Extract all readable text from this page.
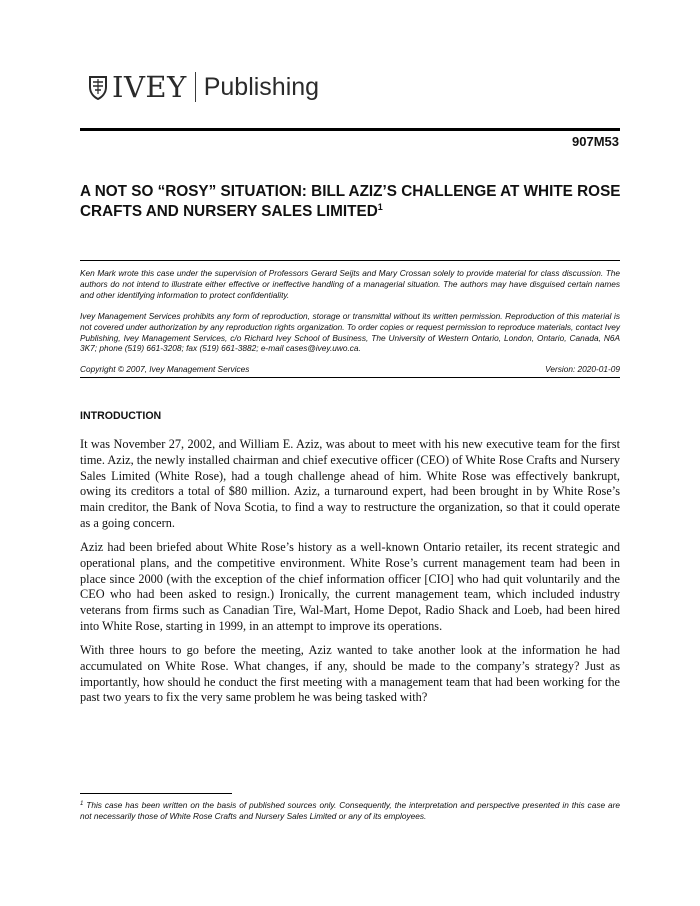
IVEY Publishing
907M53
A NOT SO “ROSY” SITUATION: BILL AZIZ’S CHALLENGE AT WHITE ROSE CRAFTS AND NURSERY SALES LIMITED$^1$

Ken Mark wrote this case under the supervision of Professors Gerard Seijts and Mary Crossan solely to provide material for class discussion. The authors do not intend to illustrate either effective or ineffective handling of a managerial situation. The authors may have disguised certain names and other identifying information to protect confidentiality.

Ivey Management Services prohibits any form of reproduction, storage or transmittal without its written permission. Reproduction of this material is not covered under authorization by any reproduction rights organization. To order copies or request permission to reproduce materials, contact Ivey Publishing, Ivey Management Services, c/o Richard Ivey School of Business, The University of Western Ontario, London, Ontario, Canada, N6A 3K7; phone (519) 661-3208; fax (519) 661-3882; e-mail cases@ivey.uwo.ca.

Copyright © 2007, Ivey Management Services	Version: 2020-01-09
INTRODUCTION

It was November 27, 2002, and William E. Aziz, was about to meet with his new executive team for the first time. Aziz, the newly installed chairman and chief executive officer (CEO) of White Rose Crafts and Nursery Sales Limited (White Rose), had a tough challenge ahead of him. White Rose was effectively bankrupt, owing its creditors a total of $80 million. Aziz, a turnaround expert, had been brought in by White Rose’s main creditor, the Bank of Nova Scotia, to find a way to restructure the organization, so that it could operate as a going concern.

Aziz had been briefed about White Rose’s history as a well-known Ontario retailer, its recent strategic and operational plans, and the competitive environment. White Rose’s current management team had been in place since 2000 (with the exception of the chief information officer [CIO] who had quit voluntarily and the CEO who had been asked to resign.) Ironically, the current management team, which included industry veterans from firms such as Canadian Tire, Wal-Mart, Home Depot, Radio Shack and Loeb, had been hired into White Rose, starting in 1999, in an attempt to improve its operations.

With three hours to go before the meeting, Aziz wanted to take another look at the information he had accumulated on White Rose. What changes, if any, should be made to the company’s strategy? Just as importantly, how should he conduct the first meeting with a management team that had been working for the past two years to fix the very same problem he was being tasked with?

$^1$ This case has been written on the basis of published sources only. Consequently, the interpretation and perspective presented in this case are not necessarily those of White Rose Crafts and Nursery Sales Limited or any of its employees.
